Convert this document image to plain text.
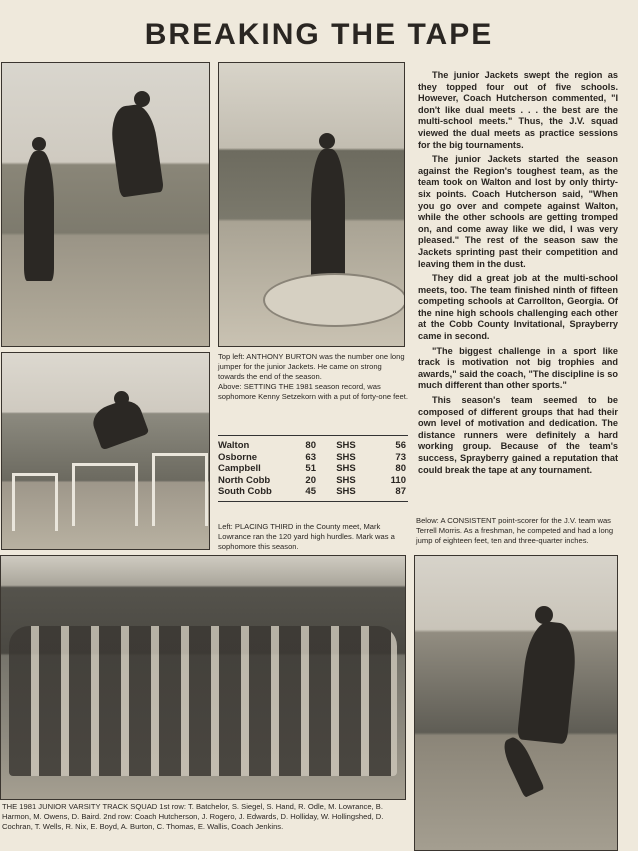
BREAKING THE TAPE
Top left: ANTHONY BURTON was the number one long jumper for the junior Jackets. He came on strong towards the end of the season.
Above: SETTING THE 1981 season record, was sophomore Kenny Setzekorn with a put of forty-one feet.
Walton	80	SHS	56
Osborne	63	SHS	73
Campbell	51	SHS	80
North Cobb	20	SHS	110
South Cobb	45	SHS	87
Left: PLACING THIRD in the County meet, Mark Lowrance ran the 120 yard high hurdles. Mark was a sophomore this season.

The junior Jackets swept the region as they topped four out of five schools. However, Coach Hutcherson commented, "I don't like dual meets . . . the best are the multi-school meets." Thus, the J.V. squad viewed the dual meets as practice sessions for the big tournaments.

The junior Jackets started the season against the Region's toughest team, as the team took on Walton and lost by only thirty-six points. Coach Hutcherson said, "When you go over and compete against Walton, while the other schools are getting tromped on, and come away like we did, I was very pleased." The rest of the season saw the Jackets sprinting past their competition and leaving them in the dust.

They did a great job at the multi-school meets, too. The team finished ninth of fifteen competing schools at Carrollton, Georgia. Of the nine high schools challenging each other at the Cobb County Invitational, Sprayberry came in second.

"The biggest challenge in a sport like track is motivation not big trophies and awards," said the coach, "The discipline is so much different than other sports."

This season's team seemed to be composed of different groups that had their own level of motivation and dedication. The distance runners were definitely a hard working group. Because of the team's success, Sprayberry gained a reputation that could break the tape at any tournament.

Below: A CONSISTENT point-scorer for the J.V. team was Terrell Morris. As a freshman, he competed and had a long jump of eighteen feet, ten and three-quarter inches.
THE 1981 JUNIOR VARSITY TRACK SQUAD 1st row: T. Batchelor, S. Siegel, S. Hand, R. Odle, M. Lowrance, B. Harmon, M. Owens, D. Baird. 2nd row: Coach Hutcherson, J. Rogero, J. Edwards, D. Holliday, W. Hollingshed, D. Cochran, T. Wells, R. Nix, E. Boyd, A. Burton, C. Thomas, E. Wallis, Coach Jenkins.
